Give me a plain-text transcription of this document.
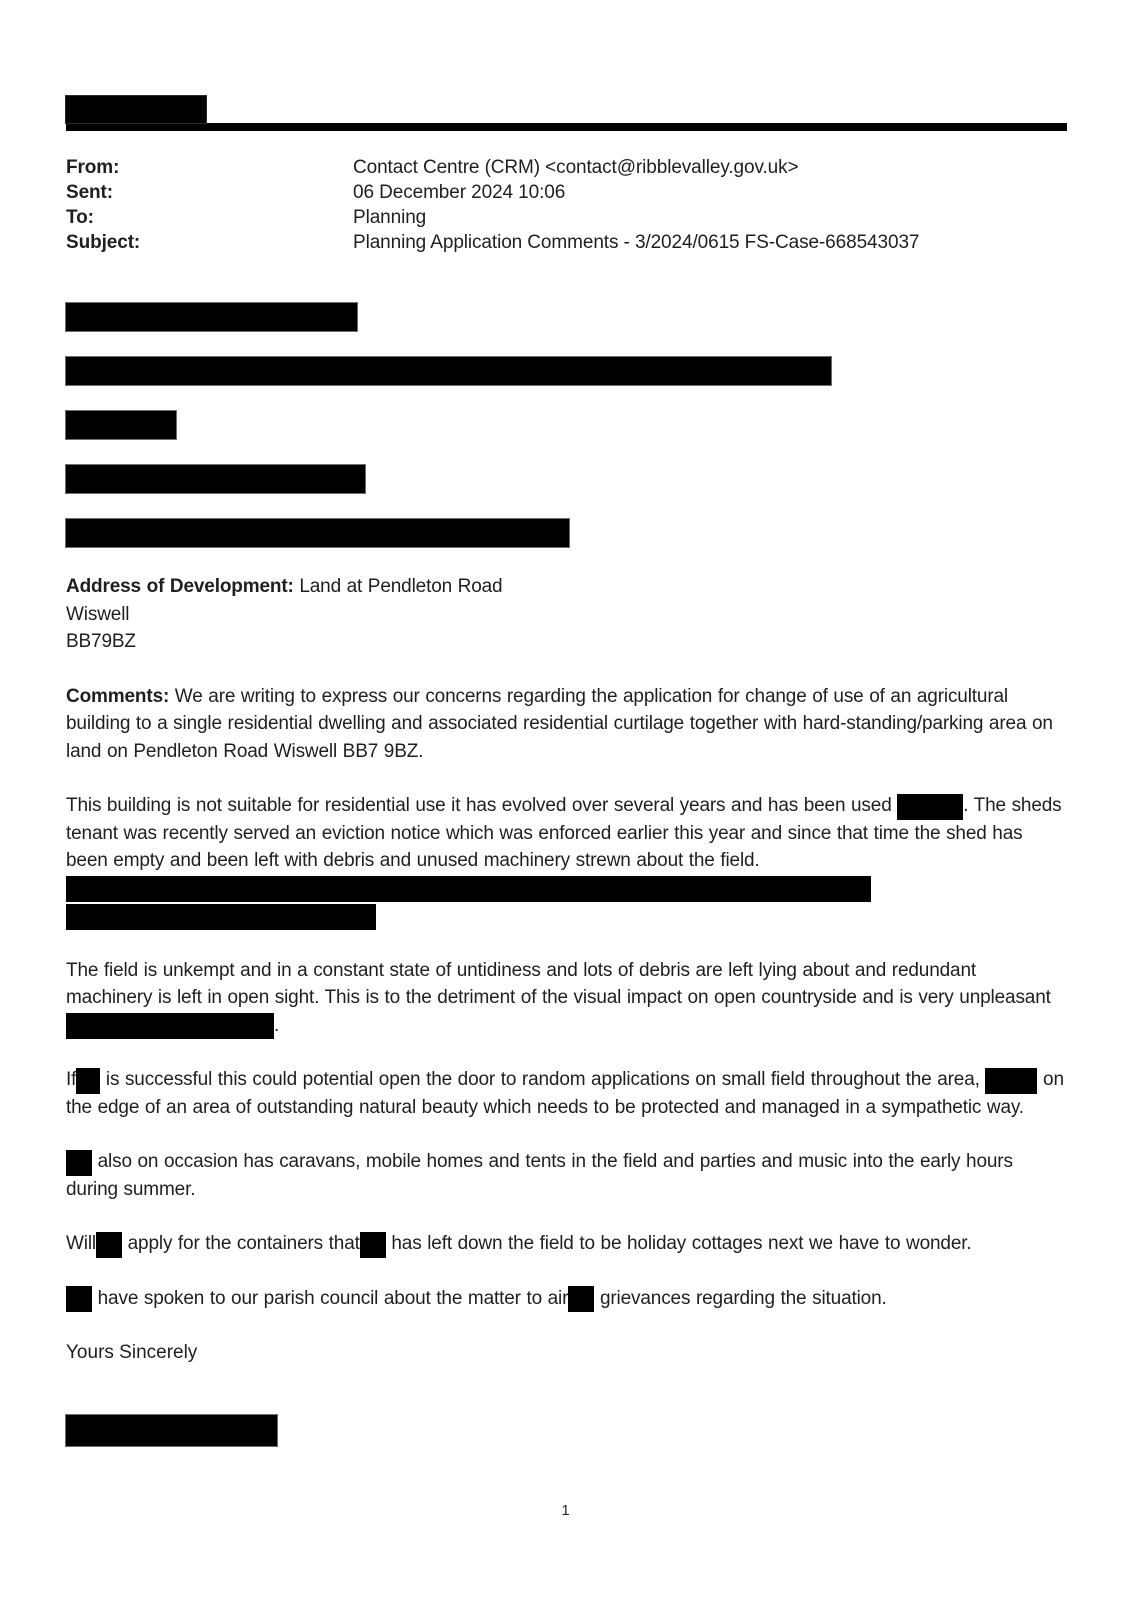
From:	Contact Centre (CRM) <contact@ribblevalley.gov.uk>
Sent:	06 December 2024 10:06
To:	Planning
Subject:	Planning Application Comments - 3/2024/0615 FS-Case-668543037

Address of Development: Land at Pendleton Road
Wiswell
BB79BZ

Comments: We are writing to express our concerns regarding the application for change of use of an agricultural building to a single residential dwelling and associated residential curtilage together with hard-standing/parking area on land on Pendleton Road Wiswell BB7 9BZ.

This building is not suitable for residential use it has evolved over several years and has been used	. The sheds tenant was recently served an eviction notice which was enforced earlier this year and since that time the shed has been empty and been left with debris and unused machinery strewn about the field.

The field is unkempt and in a constant state of untidiness and lots of debris are left lying about and redundant machinery is left in open sight. This is to the detriment of the visual impact on open countryside and is very unpleasant.

If is successful this could potential open the door to random applications on small field throughout the area,	on the edge of an area of outstanding natural beauty which needs to be protected and managed in a sympathetic way.

also on occasion has caravans, mobile homes and tents in the field and parties and music into the early hours during summer.

Will apply for the containers that has left down the field to be holiday cottages next we have to wonder.

have spoken to our parish council about the matter to air grievances regarding the situation.

Yours Sincerely

1
